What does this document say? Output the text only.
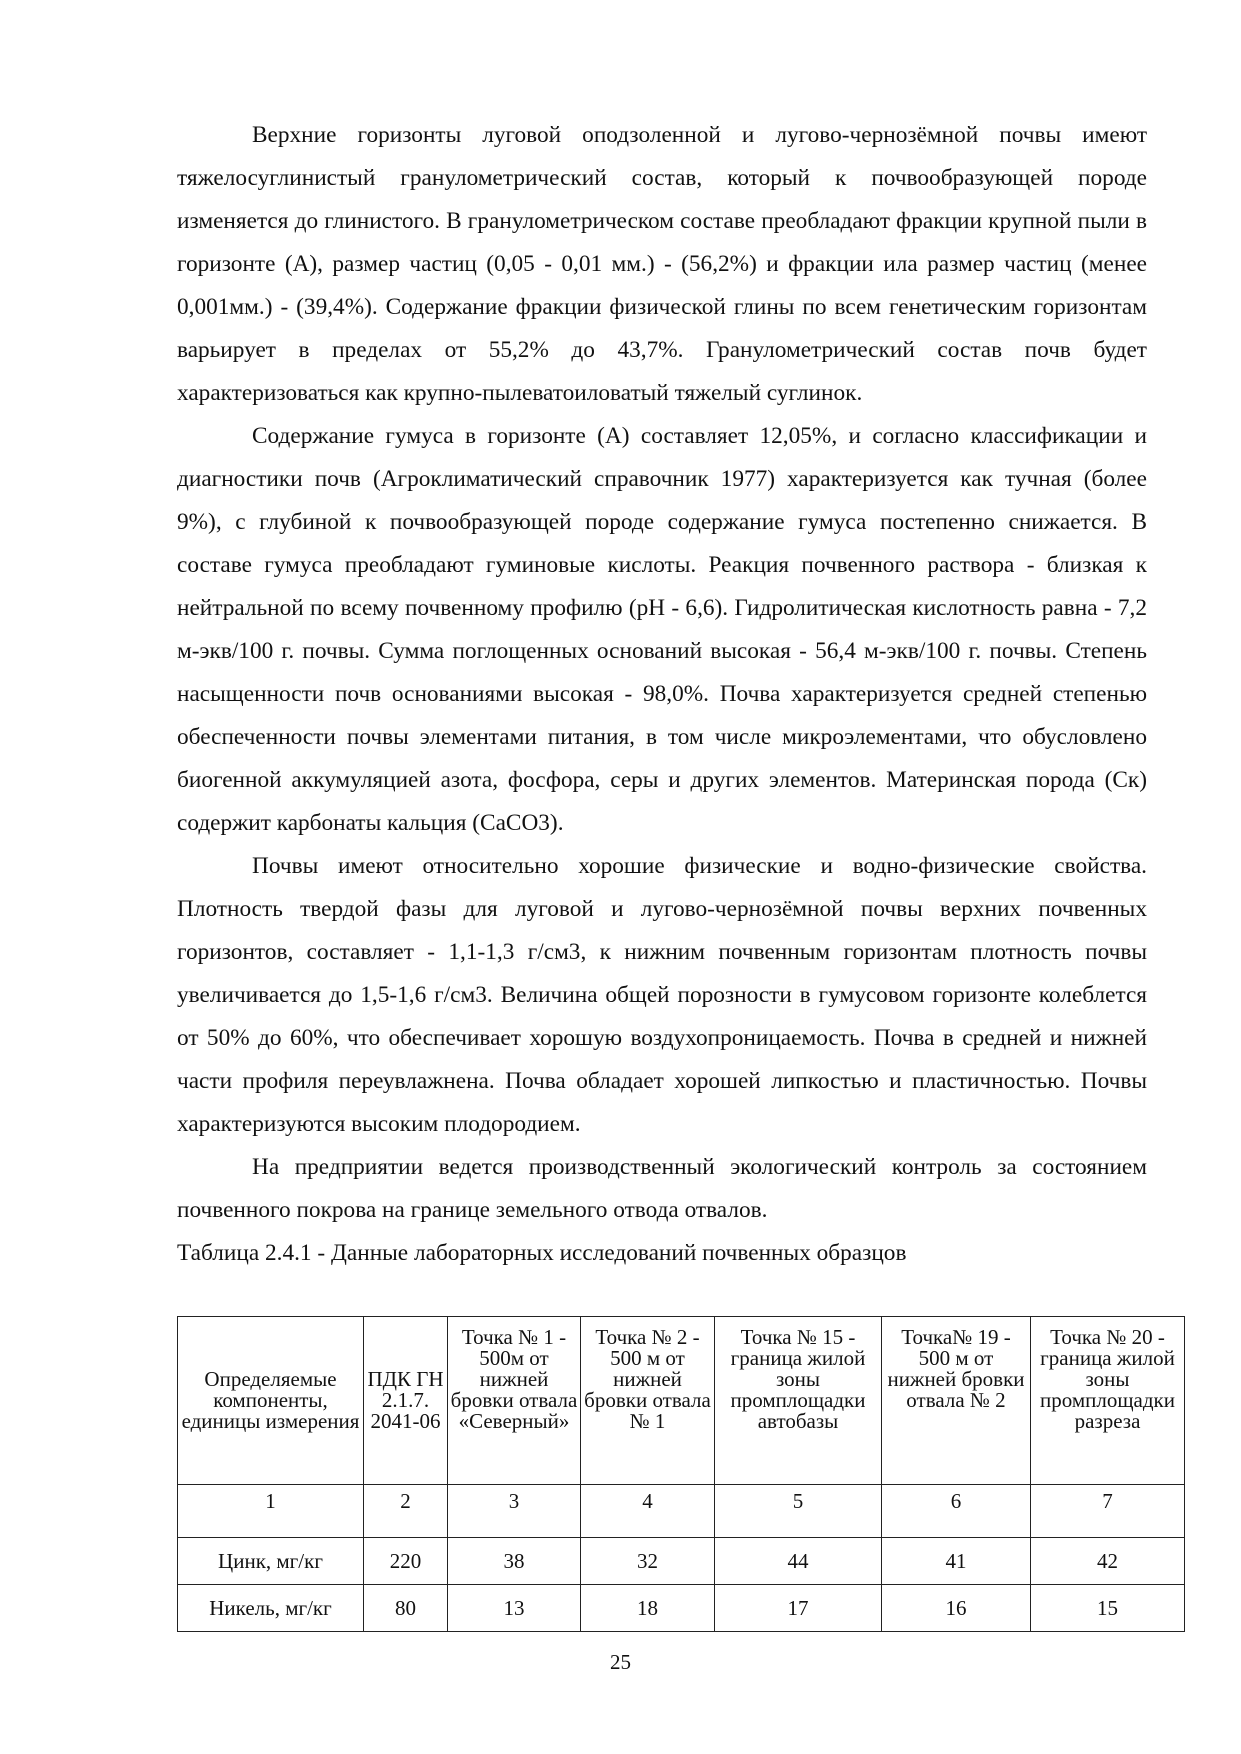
Верхние горизонты луговой оподзоленной и лугово-чернозёмной почвы имеют тяжелосуглинистый гранулометрический состав, который к почвообразующей породе изменяется до глинистого. В гранулометрическом составе преобладают фракции крупной пыли в горизонте (А), размер частиц (0,05 - 0,01 мм.) - (56,2%) и фракции ила размер частиц (менее 0,001мм.) - (39,4%). Содержание фракции физической глины по всем генетическим горизонтам варьирует в пределах от 55,2% до 43,7%. Гранулометрический состав почв будет характеризоваться как крупно-пылеватоиловатый тяжелый суглинок.

Содержание гумуса в горизонте (А) составляет 12,05%, и согласно классификации и диагностики почв (Агроклиматический справочник 1977) характеризуется как тучная (более 9%), с глубиной к почвообразующей породе содержание гумуса постепенно снижается. В составе гумуса преобладают гуминовые кислоты. Реакция почвенного раствора - близкая к нейтральной по всему почвенному профилю (pH - 6,6). Гидролитическая кислотность равна - 7,2 м-экв/100 г. почвы. Сумма поглощенных оснований высокая - 56,4 м-экв/100 г. почвы. Степень насыщенности почв основаниями высокая - 98,0%. Почва характеризуется средней степенью обеспеченности почвы элементами питания, в том числе микроэлементами, что обусловлено биогенной аккумуляцией азота, фосфора, серы и других элементов. Материнская порода (Ск) содержит карбонаты кальция (CaCO3).

Почвы имеют относительно хорошие физические и водно-физические свойства. Плотность твердой фазы для луговой и лугово-чернозёмной почвы верхних почвенных горизонтов, составляет - 1,1-1,3 г/см3, к нижним почвенным горизонтам плотность почвы увеличивается до 1,5-1,6 г/см3. Величина общей порозности в гумусовом горизонте колеблется от 50% до 60%, что обеспечивает хорошую воздухопроницаемость. Почва в средней и нижней части профиля переувлажнена. Почва обладает хорошей липкостью и пластичностью. Почвы характеризуются высоким плодородием.

На предприятии ведется производственный экологический контроль за состоянием почвенного покрова на границе земельного отвода отвалов.

Таблица 2.4.1 - Данные лабораторных исследований почвенных образцов

Определяемые компоненты, единицы измерения	ПДК ГН 2.1.7. 2041-06	Точка № 1 - 500м от нижней бровки отвала «Северный»	Точка № 2 - 500 м от нижней бровки отвала № 1	Точка № 15 - граница жилой зоны промплощадки автобазы	Точка№ 19 - 500 м от нижней бровки отвала № 2	Точка № 20 - граница жилой зоны промплощадки разреза
1	2	3	4	5	6	7
Цинк, мг/кг	220	38	32	44	41	42
Никель, мг/кг	80	13	18	17	16	15
25
